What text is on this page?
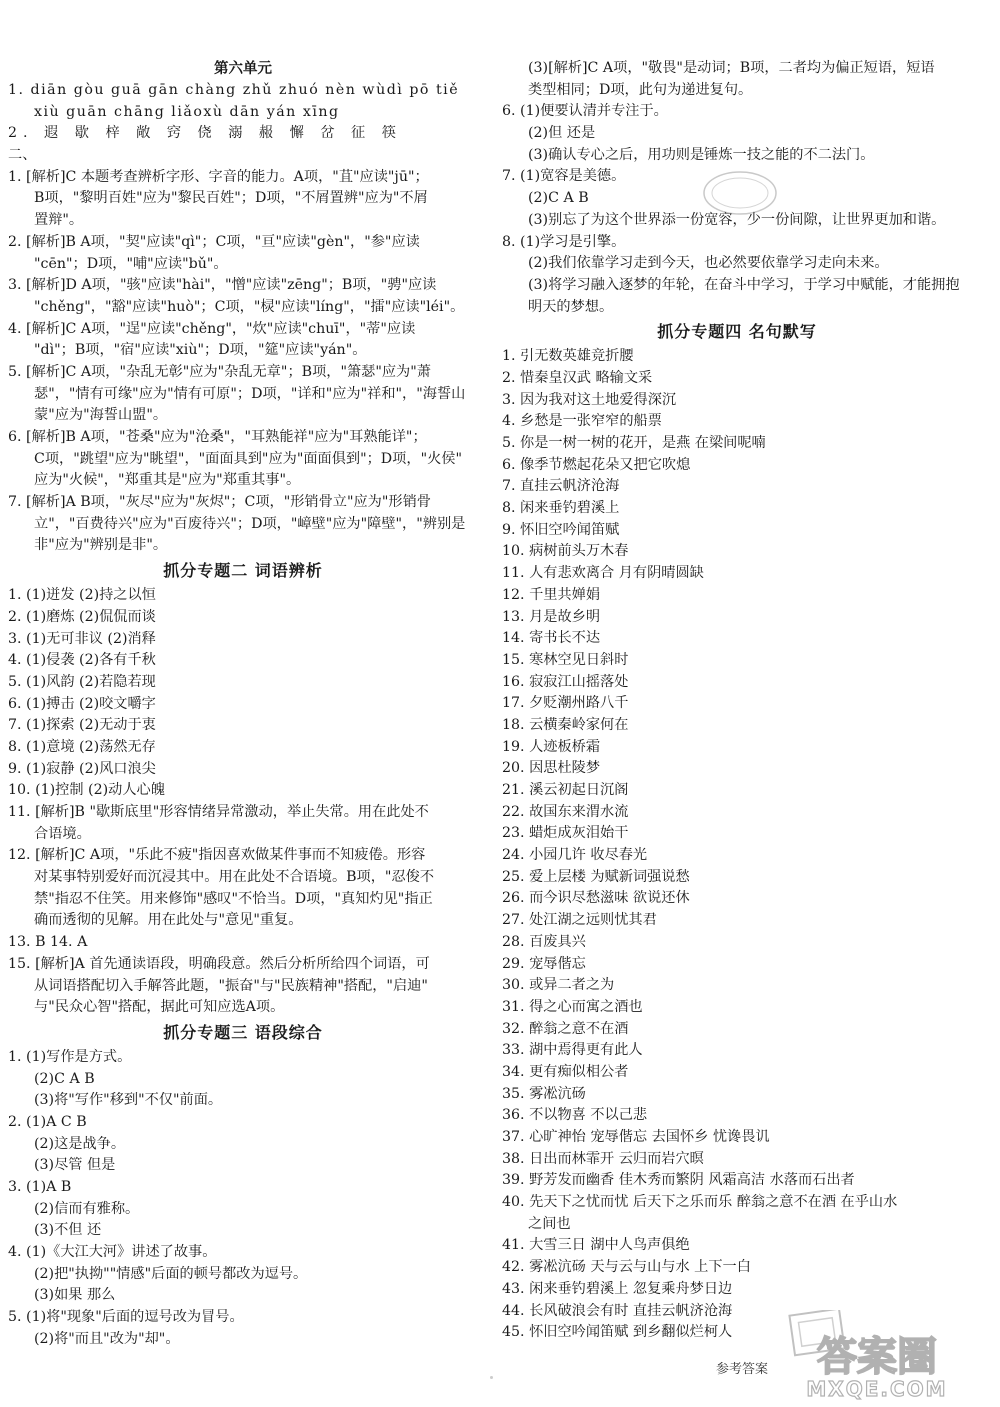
第六单元
1. diān gòu guā gān chàng zhǔ zhuó nèn wùdì pō tiě
xiù guān chāng liǎoxù dān yán xīng
2. 遐 歇 梓 敞 窍 侥 溺 赧 懈 岔 征 筷
二、
1. [解析]C 本题考查辨析字形、字音的能力。A项，"苴"应读"jū"；
B项，"黎明百姓"应为"黎民百姓"；D项，"不屑置辨"应为"不屑
置辩"。
2. [解析]B A项，"契"应读"qì"；C项，"亘"应读"gèn"，"参"应读
"cēn"；D项，"哺"应读"bǔ"。
3. [解析]D A项，"骇"应读"hài"，"憎"应读"zēng"；B项，"骋"应读
"chěng"，"豁"应读"huò"；C项，"棂"应读"líng"，"擂"应读"léi"。
4. [解析]C A项，"逞"应读"chěng"，"炊"应读"chuī"，"蒂"应读
"dì"；B项，"宿"应读"xiù"；D项，"筵"应读"yán"。
5. [解析]C A项，"杂乱无彰"应为"杂乱无章"；B项，"箫瑟"应为"萧
瑟"，"情有可缘"应为"情有可原"；D项，"详和"应为"祥和"，"海誓山
蒙"应为"海誓山盟"。
6. [解析]B A项，"苍桑"应为"沧桑"，"耳熟能祥"应为"耳熟能详"；
C项，"跳望"应为"眺望"，"面面具到"应为"面面俱到"；D项，"火侯"
应为"火候"，"郑重其是"应为"郑重其事"。
7. [解析]A B项，"灰尽"应为"灰烬"；C项，"形销骨立"应为"形销骨
立"，"百费待兴"应为"百废待兴"；D项，"嶂壁"应为"障壁"，"辨别是
非"应为"辨别是非"。
抓分专题二 词语辨析
1. (1)迸发 (2)持之以恒
2. (1)磨炼 (2)侃侃而谈
3. (1)无可非议 (2)消释
4. (1)侵袭 (2)各有千秋
5. (1)风韵 (2)若隐若现
6. (1)搏击 (2)咬文嚼字
7. (1)探索 (2)无动于衷
8. (1)意境 (2)荡然无存
9. (1)寂静 (2)风口浪尖
10. (1)控制 (2)动人心魄
11. [解析]B "歇斯底里"形容情绪异常激动，举止失常。用在此处不
合语境。
12. [解析]C A项，"乐此不疲"指因喜欢做某件事而不知疲倦。形容
对某事特别爱好而沉浸其中。用在此处不合语境。B项，"忍俊不
禁"指忍不住笑。用来修饰"感叹"不恰当。D项，"真知灼见"指正
确而透彻的见解。用在此处与"意见"重复。
13. B 14. A
15. [解析]A 首先通读语段，明确段意。然后分析所给四个词语，可
从词语搭配切入手解答此题，"振奋"与"民族精神"搭配，"启迪"
与"民众心智"搭配，据此可知应选A项。
抓分专题三 语段综合
1. (1)写作是方式。
(2)C A B
(3)将"写作"移到"不仅"前面。
2. (1)A C B
(2)这是战争。
(3)尽管 但是
3. (1)A B
(2)信而有雅称。
(3)不但 还
4. (1)《大江大河》讲述了故事。
(2)把"执拗""情感"后面的顿号都改为逗号。
(3)如果 那么
5. (1)将"现象"后面的逗号改为冒号。
(2)将"而且"改为"却"。
(3)[解析]C A项，"敬畏"是动词；B项，二者均为偏正短语，短语
类型相同；D项，此句为递进复句。
6. (1)便要认清并专注于。
(2)但 还是
(3)确认专心之后，用功则是锤炼一技之能的不二法门。
7. (1)宽容是美德。
(2)C A B
(3)别忘了为这个世界添一份宽容，少一份间隙，让世界更加和谐。
8. (1)学习是引擎。
(2)我们依靠学习走到今天，也必然要依靠学习走向未来。
(3)将学习融入逐梦的年轮，在奋斗中学习，于学习中赋能，才能拥抱
明天的梦想。
抓分专题四 名句默写
1. 引无数英雄竞折腰
2. 惜秦皇汉武 略输文采
3. 因为我对这土地爱得深沉
4. 乡愁是一张窄窄的船票
5. 你是一树一树的花开，是燕 在梁间呢喃
6. 像季节燃起花朵又把它吹熄
7. 直挂云帆济沧海
8. 闲来垂钓碧溪上
9. 怀旧空吟闻笛赋
10. 病树前头万木春
11. 人有悲欢离合 月有阴晴圆缺
12. 千里共婵娟
13. 月是故乡明
14. 寄书长不达
15. 寒林空见日斜时
16. 寂寂江山摇落处
17. 夕贬潮州路八千
18. 云横秦岭家何在
19. 人迹板桥霜
20. 因思杜陵梦
21. 溪云初起日沉阁
22. 故国东来渭水流
23. 蜡炬成灰泪始干
24. 小园几许 收尽春光
25. 爱上层楼 为赋新词强说愁
26. 而今识尽愁滋味 欲说还休
27. 处江湖之远则忧其君
28. 百废具兴
29. 宠辱偕忘
30. 或异二者之为
31. 得之心而寓之酒也
32. 醉翁之意不在酒
33. 湖中焉得更有此人
34. 更有痴似相公者
35. 雾凇沆砀
36. 不以物喜 不以己悲
37. 心旷神怡 宠辱偕忘 去国怀乡 忧谗畏讥
38. 日出而林霏开 云归而岩穴暝
39. 野芳发而幽香 佳木秀而繁阴 风霜高洁 水落而石出者
40. 先天下之忧而忧 后天下之乐而乐 醉翁之意不在酒 在乎山水
之间也
41. 大雪三日 湖中人鸟声俱绝
42. 雾凇沆砀 天与云与山与水 上下一白
43. 闲来垂钓碧溪上 忽复乘舟梦日边
44. 长风破浪会有时 直挂云帆济沧海
45. 怀旧空吟闻笛赋 到乡翻似烂柯人
参考答案 答案圈
MXQE.COM
